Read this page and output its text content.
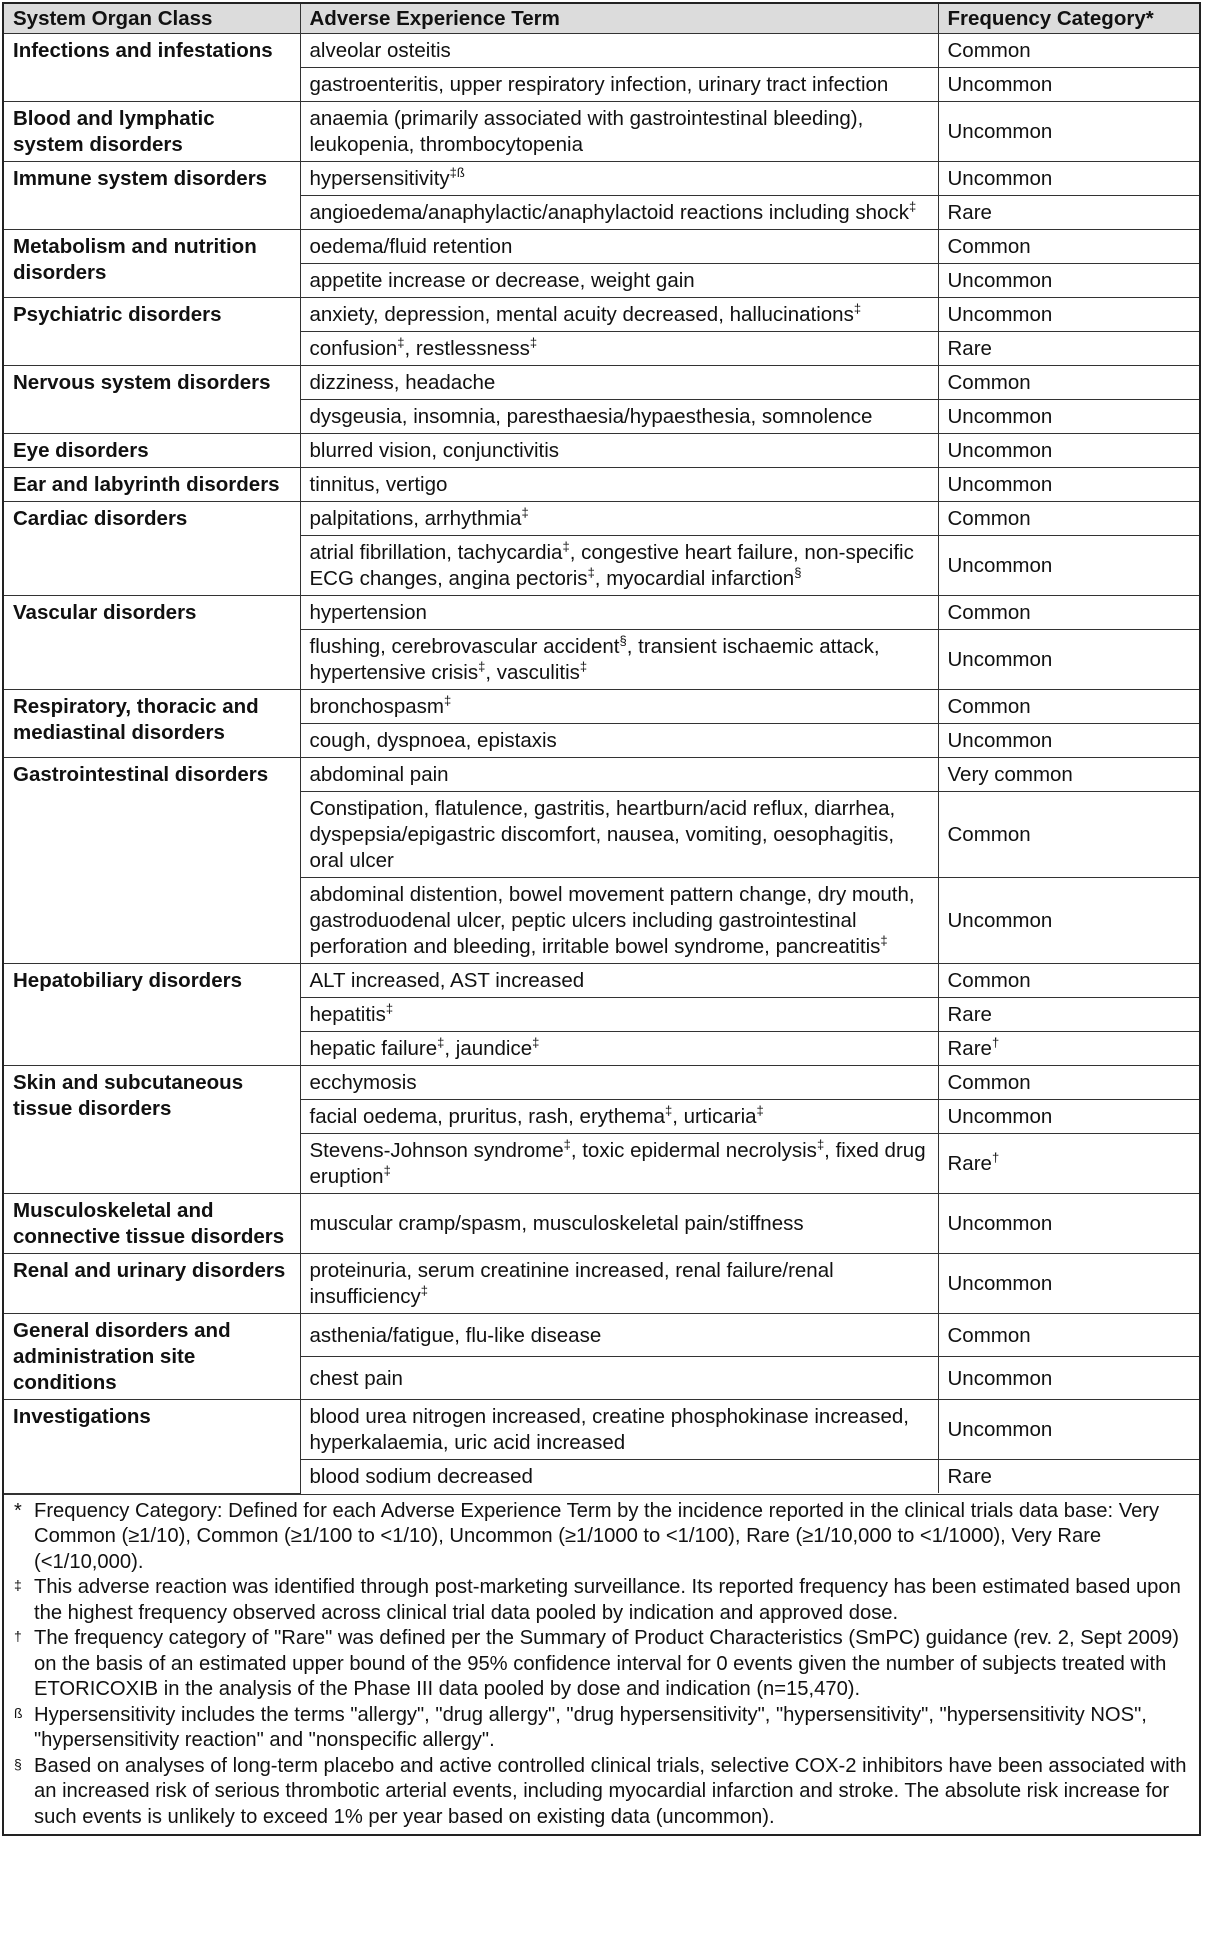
System Organ Class	Adverse Experience Term	Frequency Category*
Infections and infestations	alveolar osteitis	Common
	gastroenteritis, upper respiratory infection, urinary tract infection	Uncommon
Blood and lymphatic system disorders	anaemia (primarily associated with gastrointestinal bleeding), leukopenia, thrombocytopenia	Uncommon
Immune system disorders	hypersensitivity$^{\ddagger ß}$	Uncommon
	angioedema/anaphylactic/anaphylactoid reactions including shock‡	Rare
Metabolism and nutrition disorders	oedema/fluid retention	Common
	appetite increase or decrease, weight gain	Uncommon
Psychiatric disorders	anxiety, depression, mental acuity decreased, hallucinations‡	Uncommon
	confusion‡, restlessness‡	Rare
Nervous system disorders	dizziness, headache	Common
	dysgeusia, insomnia, paresthaesia/hypaesthesia, somnolence	Uncommon
Eye disorders	blurred vision, conjunctivitis	Uncommon
Ear and labyrinth disorders	tinnitus, vertigo	Uncommon
Cardiac disorders	palpitations, arrhythmia‡	Common
	atrial fibrillation, tachycardia‡, congestive heart failure, non-specific ECG changes, angina pectoris‡, myocardial infarction§	Uncommon
Vascular disorders	hypertension	Common
	flushing, cerebrovascular accident§, transient ischaemic attack, hypertensive crisis‡, vasculitis‡	Uncommon
Respiratory, thoracic and mediastinal disorders	bronchospasm‡	Common
	cough, dyspnoea, epistaxis	Uncommon
Gastrointestinal disorders	abdominal pain	Very common
	Constipation, flatulence, gastritis, heartburn/acid reflux, diarrhea, dyspepsia/epigastric discomfort, nausea, vomiting, oesophagitis, oral ulcer	Common
	abdominal distention, bowel movement pattern change, dry mouth, gastroduodenal ulcer, peptic ulcers including gastrointestinal perforation and bleeding, irritable bowel syndrome, pancreatitis‡	Uncommon
Hepatobiliary disorders	ALT increased, AST increased	Common
	hepatitis‡	Rare
	hepatic failure‡, jaundice‡	Rare†
Skin and subcutaneous tissue disorders	ecchymosis	Common
	facial oedema, pruritus, rash, erythema‡, urticaria‡	Uncommon
	Stevens-Johnson syndrome‡, toxic epidermal necrolysis‡, fixed drug eruption‡	Rare†
Musculoskeletal and connective tissue disorders	muscular cramp/spasm, musculoskeletal pain/stiffness	Uncommon
Renal and urinary disorders	proteinuria, serum creatinine increased, renal failure/renal insufficiency‡	Uncommon
General disorders and administration site conditions	asthenia/fatigue, flu-like disease	Common
	chest pain	Uncommon
Investigations	blood urea nitrogen increased, creatine phosphokinase increased, hyperkalaemia, uric acid increased	Uncommon
	blood sodium decreased	Rare
* Frequency Category: Defined for each Adverse Experience Term by the incidence reported in the clinical trials data base: Very Common (≥1/10), Common (≥1/100 to <1/10), Uncommon (≥1/1000 to <1/100), Rare (≥1/10,000 to <1/1000), Very Rare (<1/10,000).
‡ This adverse reaction was identified through post-marketing surveillance. Its reported frequency has been estimated based upon the highest frequency observed across clinical trial data pooled by indication and approved dose.
† The frequency category of "Rare" was defined per the Summary of Product Characteristics (SmPC) guidance (rev. 2, Sept 2009) on the basis of an estimated upper bound of the 95% confidence interval for 0 events given the number of subjects treated with ETORICOXIB in the analysis of the Phase III data pooled by dose and indication (n=15,470).
ß Hypersensitivity includes the terms "allergy", "drug allergy", "drug hypersensitivity", "hypersensitivity", "hypersensitivity NOS", "hypersensitivity reaction" and "nonspecific allergy".
§ Based on analyses of long-term placebo and active controlled clinical trials, selective COX-2 inhibitors have been associated with an increased risk of serious thrombotic arterial events, including myocardial infarction and stroke. The absolute risk increase for such events is unlikely to exceed 1% per year based on existing data (uncommon).
